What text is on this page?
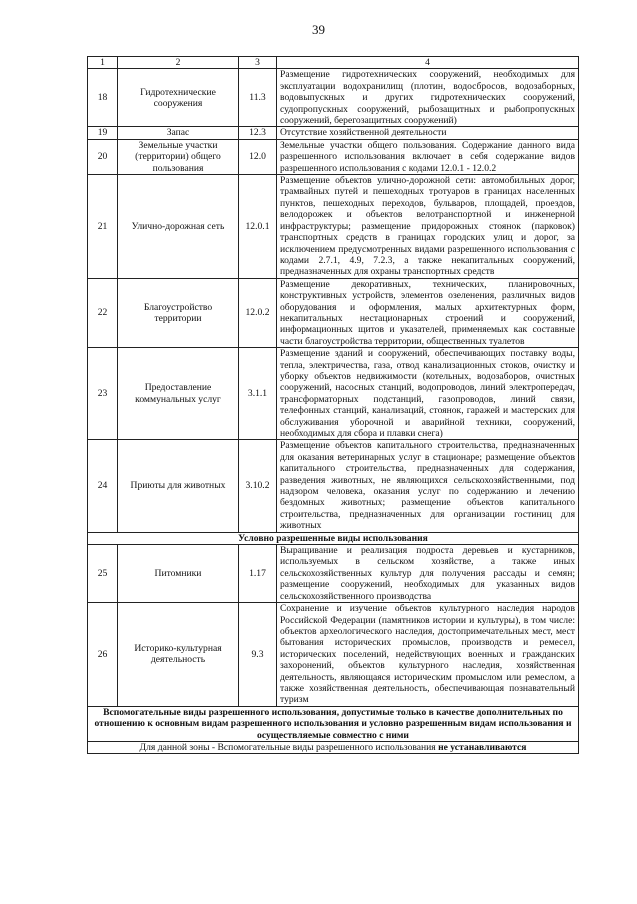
39
1	2	3	4
18	Гидротехнические сооружения	11.3	Размещение гидротехнических сооружений, необходимых для эксплуатации водохранилищ (плотин, водосбросов, водозаборных, водовыпускных и других гидротехнических сооружений, судопропускных сооружений, рыбозащитных и рыбопропускных сооружений, берегозащитных сооружений)
19	Запас	12.3	Отсутствие хозяйственной деятельности
20	Земельные участки (территории) общего пользования	12.0	Земельные участки общего пользования. Содержание данного вида разрешенного использования включает в себя содержание видов разрешенного использования с кодами 12.0.1 - 12.0.2
21	Улично-дорожная сеть	12.0.1	Размещение объектов улично-дорожной сети: автомобильных дорог, трамвайных путей и пешеходных тротуаров в границах населенных пунктов, пешеходных переходов, бульваров, площадей, проездов, велодорожек и объектов велотранспортной и инженерной инфраструктуры; размещение придорожных стоянок (парковок) транспортных средств в границах городских улиц и дорог, за исключением предусмотренных видами разрешенного использования с кодами 2.7.1, 4.9, 7.2.3, а также некапитальных сооружений, предназначенных для охраны транспортных средств
22	Благоустройство территории	12.0.2	Размещение декоративных, технических, планировочных, конструктивных устройств, элементов озеленения, различных видов оборудования и оформления, малых архитектурных форм, некапитальных нестационарных строений и сооружений, информационных щитов и указателей, применяемых как составные части благоустройства территории, общественных туалетов
23	Предоставление коммунальных услуг	3.1.1	Размещение зданий и сооружений, обеспечивающих поставку воды, тепла, электричества, газа, отвод канализационных стоков, очистку и уборку объектов недвижимости (котельных, водозаборов, очистных сооружений, насосных станций, водопроводов, линий электропередач, трансформаторных подстанций, газопроводов, линий связи, телефонных станций, канализаций, стоянок, гаражей и мастерских для обслуживания уборочной и аварийной техники, сооружений, необходимых для сбора и плавки снега)
24	Приюты для животных	3.10.2	Размещение объектов капитального строительства, предназначенных для оказания ветеринарных услуг в стационаре; размещение объектов капитального строительства, предназначенных для содержания, разведения животных, не являющихся сельскохозяйственными, под надзором человека, оказания услуг по содержанию и лечению бездомных животных; размещение объектов капитального строительства, предназначенных для организации гостиниц для животных
Условно разрешенные виды использования			
25	Питомники	1.17	Выращивание и реализация подроста деревьев и кустарников, используемых в сельском хозяйстве, а также иных сельскохозяйственных культур для получения рассады и семян; размещение сооружений, необходимых для указанных видов сельскохозяйственного производства
26	Историко-культурная деятельность	9.3	Сохранение и изучение объектов культурного наследия народов Российской Федерации (памятников истории и культуры), в том числе: объектов археологического наследия, достопримечательных мест, мест бытования исторических промыслов, производств и ремесел, исторических поселений, недействующих военных и гражданских захоронений, объектов культурного наследия, хозяйственная деятельность, являющаяся историческим промыслом или ремеслом, а также хозяйственная деятельность, обеспечивающая познавательный туризм
Вспомогательные виды разрешенного использования, допустимые только в качестве дополнительных по отношению к основным видам разрешенного использования и условно разрешенным видам использования и осуществляемые совместно с ними			
Для данной зоны - Вспомогательные виды разрешенного использования не устанавливаются			
